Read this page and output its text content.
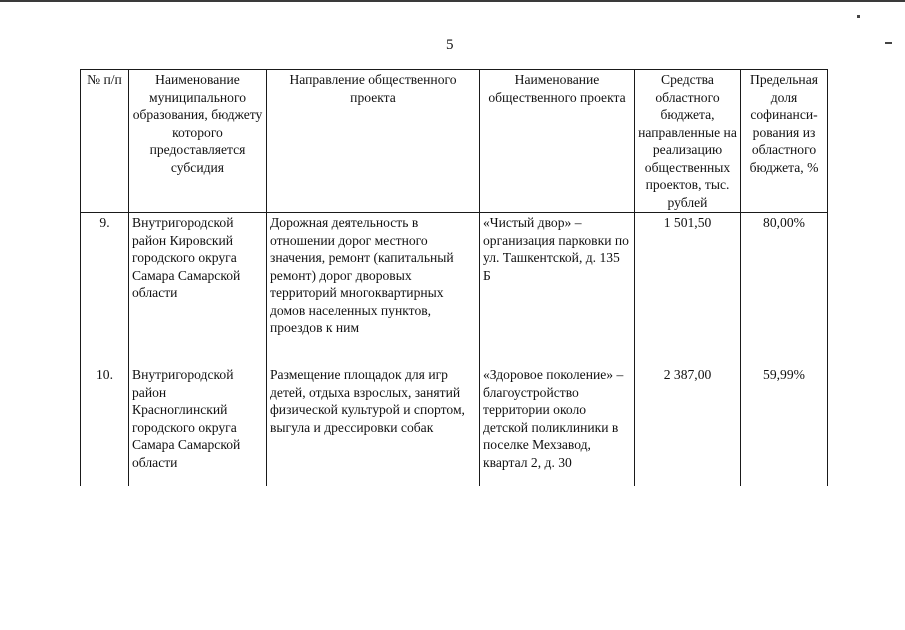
5
№ п/п	Наименование муниципального образования, бюджету которого предоставляется субсидия	Направление общественного проекта	Наименование общественного проекта	Средства областного бюджета, направленные на реализацию общественных проектов, тыс. рублей	Предельная доля софинанси-рования из областного бюджета, %
9.	Внутригородской район Кировский городского округа Самара Самарской области	Дорожная деятельность в отношении дорог местного значения, ремонт (капитальный ремонт) дорог дворовых территорий многоквартирных домов населенных пунктов, проездов к ним	«Чистый двор» – организация парковки по ул. Ташкентской, д. 135 Б	1 501,50	80,00%
10.	Внутригородской район Красноглинский городского округа Самара Самарской области	Размещение площадок для игр детей, отдыха взрослых, занятий физической культурой и спортом, выгула и дрессировки собак	«Здоровое поколение» – благоустройство территории около детской поликлиники в поселке Мехзавод, квартал 2, д. 30	2 387,00	59,99%
